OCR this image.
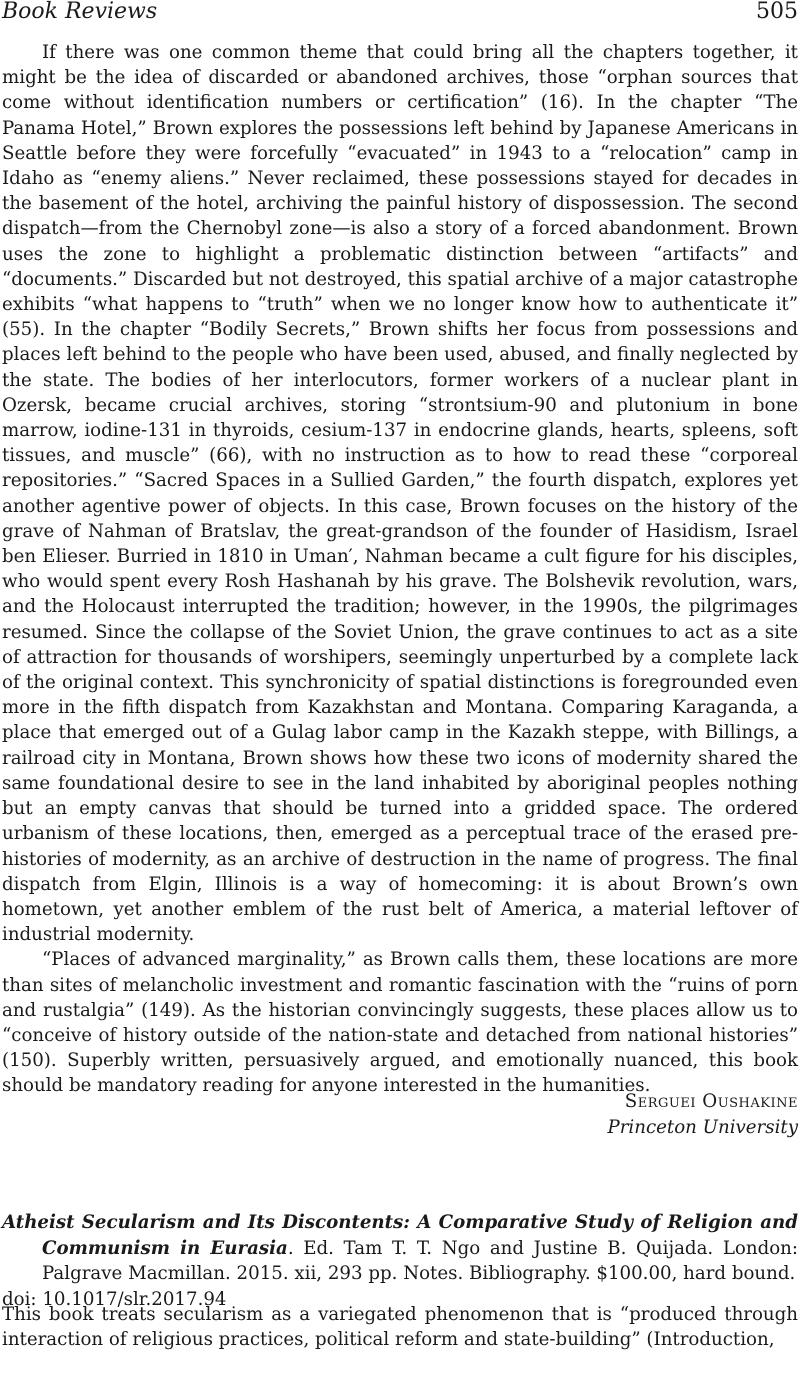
Book Reviews	505

If there was one common theme that could bring all the chapters together, it might be the idea of discarded or abandoned archives, those “orphan sources that come without identification numbers or certification” (16). In the chapter “The Panama Hotel,” Brown explores the possessions left behind by Japanese Americans in Seattle before they were forcefully “evacuated” in 1943 to a “relocation” camp in Idaho as “enemy aliens.” Never reclaimed, these possessions stayed for decades in the basement of the hotel, archiving the painful history of dispossession. The second dispatch—from the Chernobyl zone—is also a story of a forced abandonment. Brown uses the zone to highlight a problematic distinction between “artifacts” and “documents.” Discarded but not destroyed, this spatial archive of a major catastrophe exhibits “what happens to “truth” when we no longer know how to authenticate it” (55). In the chapter “Bodily Secrets,” Brown shifts her focus from possessions and places left behind to the people who have been used, abused, and finally neglected by the state. The bodies of her interlocutors, former workers of a nuclear plant in Ozersk, became crucial archives, storing “strontsium-90 and plutonium in bone marrow, iodine-131 in thyroids, cesium-137 in endocrine glands, hearts, spleens, soft tissues, and muscle” (66), with no instruction as to how to read these “corporeal repositories.” “Sacred Spaces in a Sullied Garden,” the fourth dispatch, explores yet another agentive power of objects. In this case, Brown focuses on the history of the grave of Nahman of Bratslav, the great-grandson of the founder of Hasidism, Israel ben Elieser. Burried in 1810 in Uman′, Nahman became a cult figure for his disciples, who would spent every Rosh Hashanah by his grave. The Bolshevik revolution, wars, and the Holocaust interrupted the tradition; however, in the 1990s, the pilgrimages resumed. Since the collapse of the Soviet Union, the grave continues to act as a site of attraction for thousands of worshipers, seemingly unperturbed by a complete lack of the original context. This synchronicity of spatial distinctions is foregrounded even more in the fifth dispatch from Kazakhstan and Montana. Comparing Karaganda, a place that emerged out of a Gulag labor camp in the Kazakh steppe, with Billings, a railroad city in Montana, Brown shows how these two icons of modernity shared the same foundational desire to see in the land inhabited by aboriginal peoples nothing but an empty canvas that should be turned into a gridded space. The ordered urbanism of these locations, then, emerged as a perceptual trace of the erased pre-histories of modernity, as an archive of destruction in the name of progress. The final dispatch from Elgin, Illinois is a way of homecoming: it is about Brown’s own hometown, yet another emblem of the rust belt of America, a material leftover of industrial modernity.

“Places of advanced marginality,” as Brown calls them, these locations are more than sites of melancholic investment and romantic fascination with the “ruins of porn and rustalgia” (149). As the historian convincingly suggests, these places allow us to “conceive of history outside of the nation-state and detached from national histories” (150). Superbly written, persuasively argued, and emotionally nuanced, this book should be mandatory reading for anyone interested in the humanities.

Serguei Oushakine
Princeton University
Atheist Secularism and Its Discontents: A Comparative Study of Religion and Communism in Eurasia. Ed. Tam T. T. Ngo and Justine B. Quijada. London: Palgrave Macmillan. 2015. xii, 293 pp. Notes. Bibliography. $100.00, hard bound.
doi: 10.1017/slr.2017.94

This book treats secularism as a variegated phenomenon that is “produced through interaction of religious practices, political reform and state-building” (Introduction,
